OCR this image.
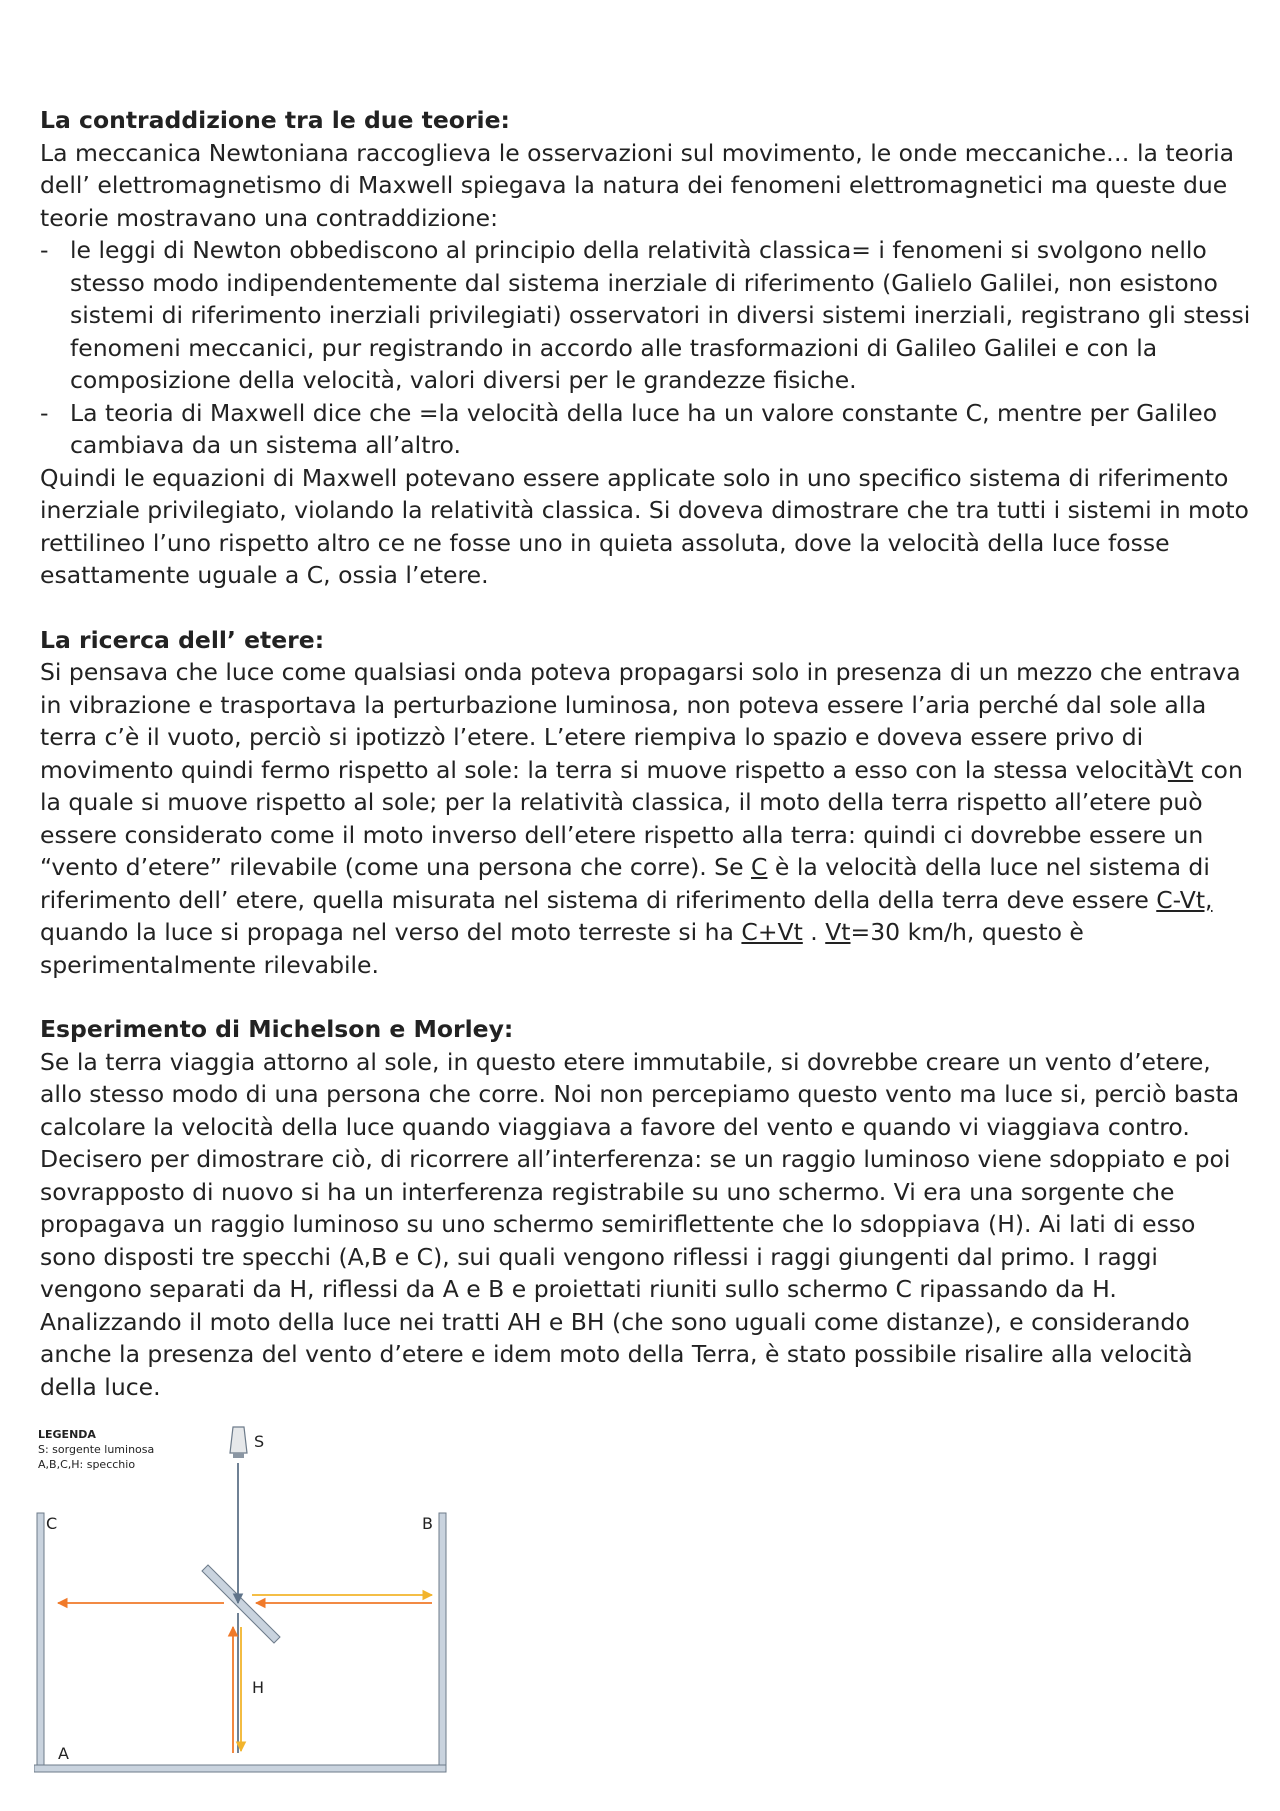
La contraddizione tra le due teorie:

La meccanica Newtoniana raccoglieva le osservazioni sul movimento, le onde meccaniche… la teoria dell’ elettromagnetismo di Maxwell spiegava la natura dei fenomeni elettromagnetici ma queste due teorie mostravano una contraddizione:

- le leggi di Newton obbediscono al principio della relatività classica= i fenomeni si svolgono nello stesso modo indipendentemente dal sistema inerziale di riferimento (Galielo Galilei, non esistono sistemi di riferimento inerziali privilegiati) osservatori in diversi sistemi inerziali, registrano gli stessi fenomeni meccanici, pur registrando in accordo alle trasformazioni di Galileo Galilei e con la composizione della velocità, valori diversi per le grandezze fisiche.
- La teoria di Maxwell dice che =la velocità della luce ha un valore constante C, mentre per Galileo cambiava da un sistema all’altro.

Quindi le equazioni di Maxwell potevano essere applicate solo in uno specifico sistema di riferimento inerziale privilegiato, violando la relatività classica. Si doveva dimostrare che tra tutti i sistemi in moto rettilineo l’uno rispetto altro ce ne fosse uno in quieta assoluta, dove la velocità della luce fosse esattamente uguale a C, ossia l’etere.

La ricerca dell’ etere:

Si pensava che luce come qualsiasi onda poteva propagarsi solo in presenza di un mezzo che entrava in vibrazione e trasportava la perturbazione luminosa, non poteva essere l’aria perché dal sole alla terra c’è il vuoto, perciò si ipotizzò l’etere. L’etere riempiva lo spazio e doveva essere privo di movimento quindi fermo rispetto al sole: la terra si muove rispetto a esso con la stessa velocitàVt con la quale si muove rispetto al sole; per la relatività classica, il moto della terra rispetto all’etere può essere considerato come il moto inverso dell’etere rispetto alla terra: quindi ci dovrebbe essere un “vento d’etere” rilevabile (come una persona che corre). Se C è la velocità della luce nel sistema di riferimento dell’ etere, quella misurata nel sistema di riferimento della della terra deve essere C-Vt, quando la luce si propaga nel verso del moto terreste si ha C+Vt . Vt=30 km/h, questo è sperimentalmente rilevabile.

Esperimento di Michelson e Morley:

Se la terra viaggia attorno al sole, in questo etere immutabile, si dovrebbe creare un vento d’etere, allo stesso modo di una persona che corre. Noi non percepiamo questo vento ma luce si, perciò basta calcolare la velocità della luce quando viaggiava a favore del vento e quando vi viaggiava contro. Decisero per dimostrare ciò, di ricorrere all’interferenza: se un raggio luminoso viene sdoppiato e poi sovrapposto di nuovo si ha un interferenza registrabile su uno schermo. Vi era una sorgente che propagava un raggio luminoso su uno schermo semiriflettente che lo sdoppiava (H). Ai lati di esso sono disposti tre specchi (A,B e C), sui quali vengono riflessi i raggi giungenti dal primo. I raggi vengono separati da H, riflessi da A e B e proiettati riuniti sullo schermo C ripassando da H. Analizzando il moto della luce nei tratti AH e BH (che sono uguali come distanze), e considerando anche la presenza del vento d’etere e idem moto della Terra, è stato possibile risalire alla velocità della luce.

LEGENDA
S: sorgente luminosa
A,B,C,H: specchio
S
C	B
A
H
